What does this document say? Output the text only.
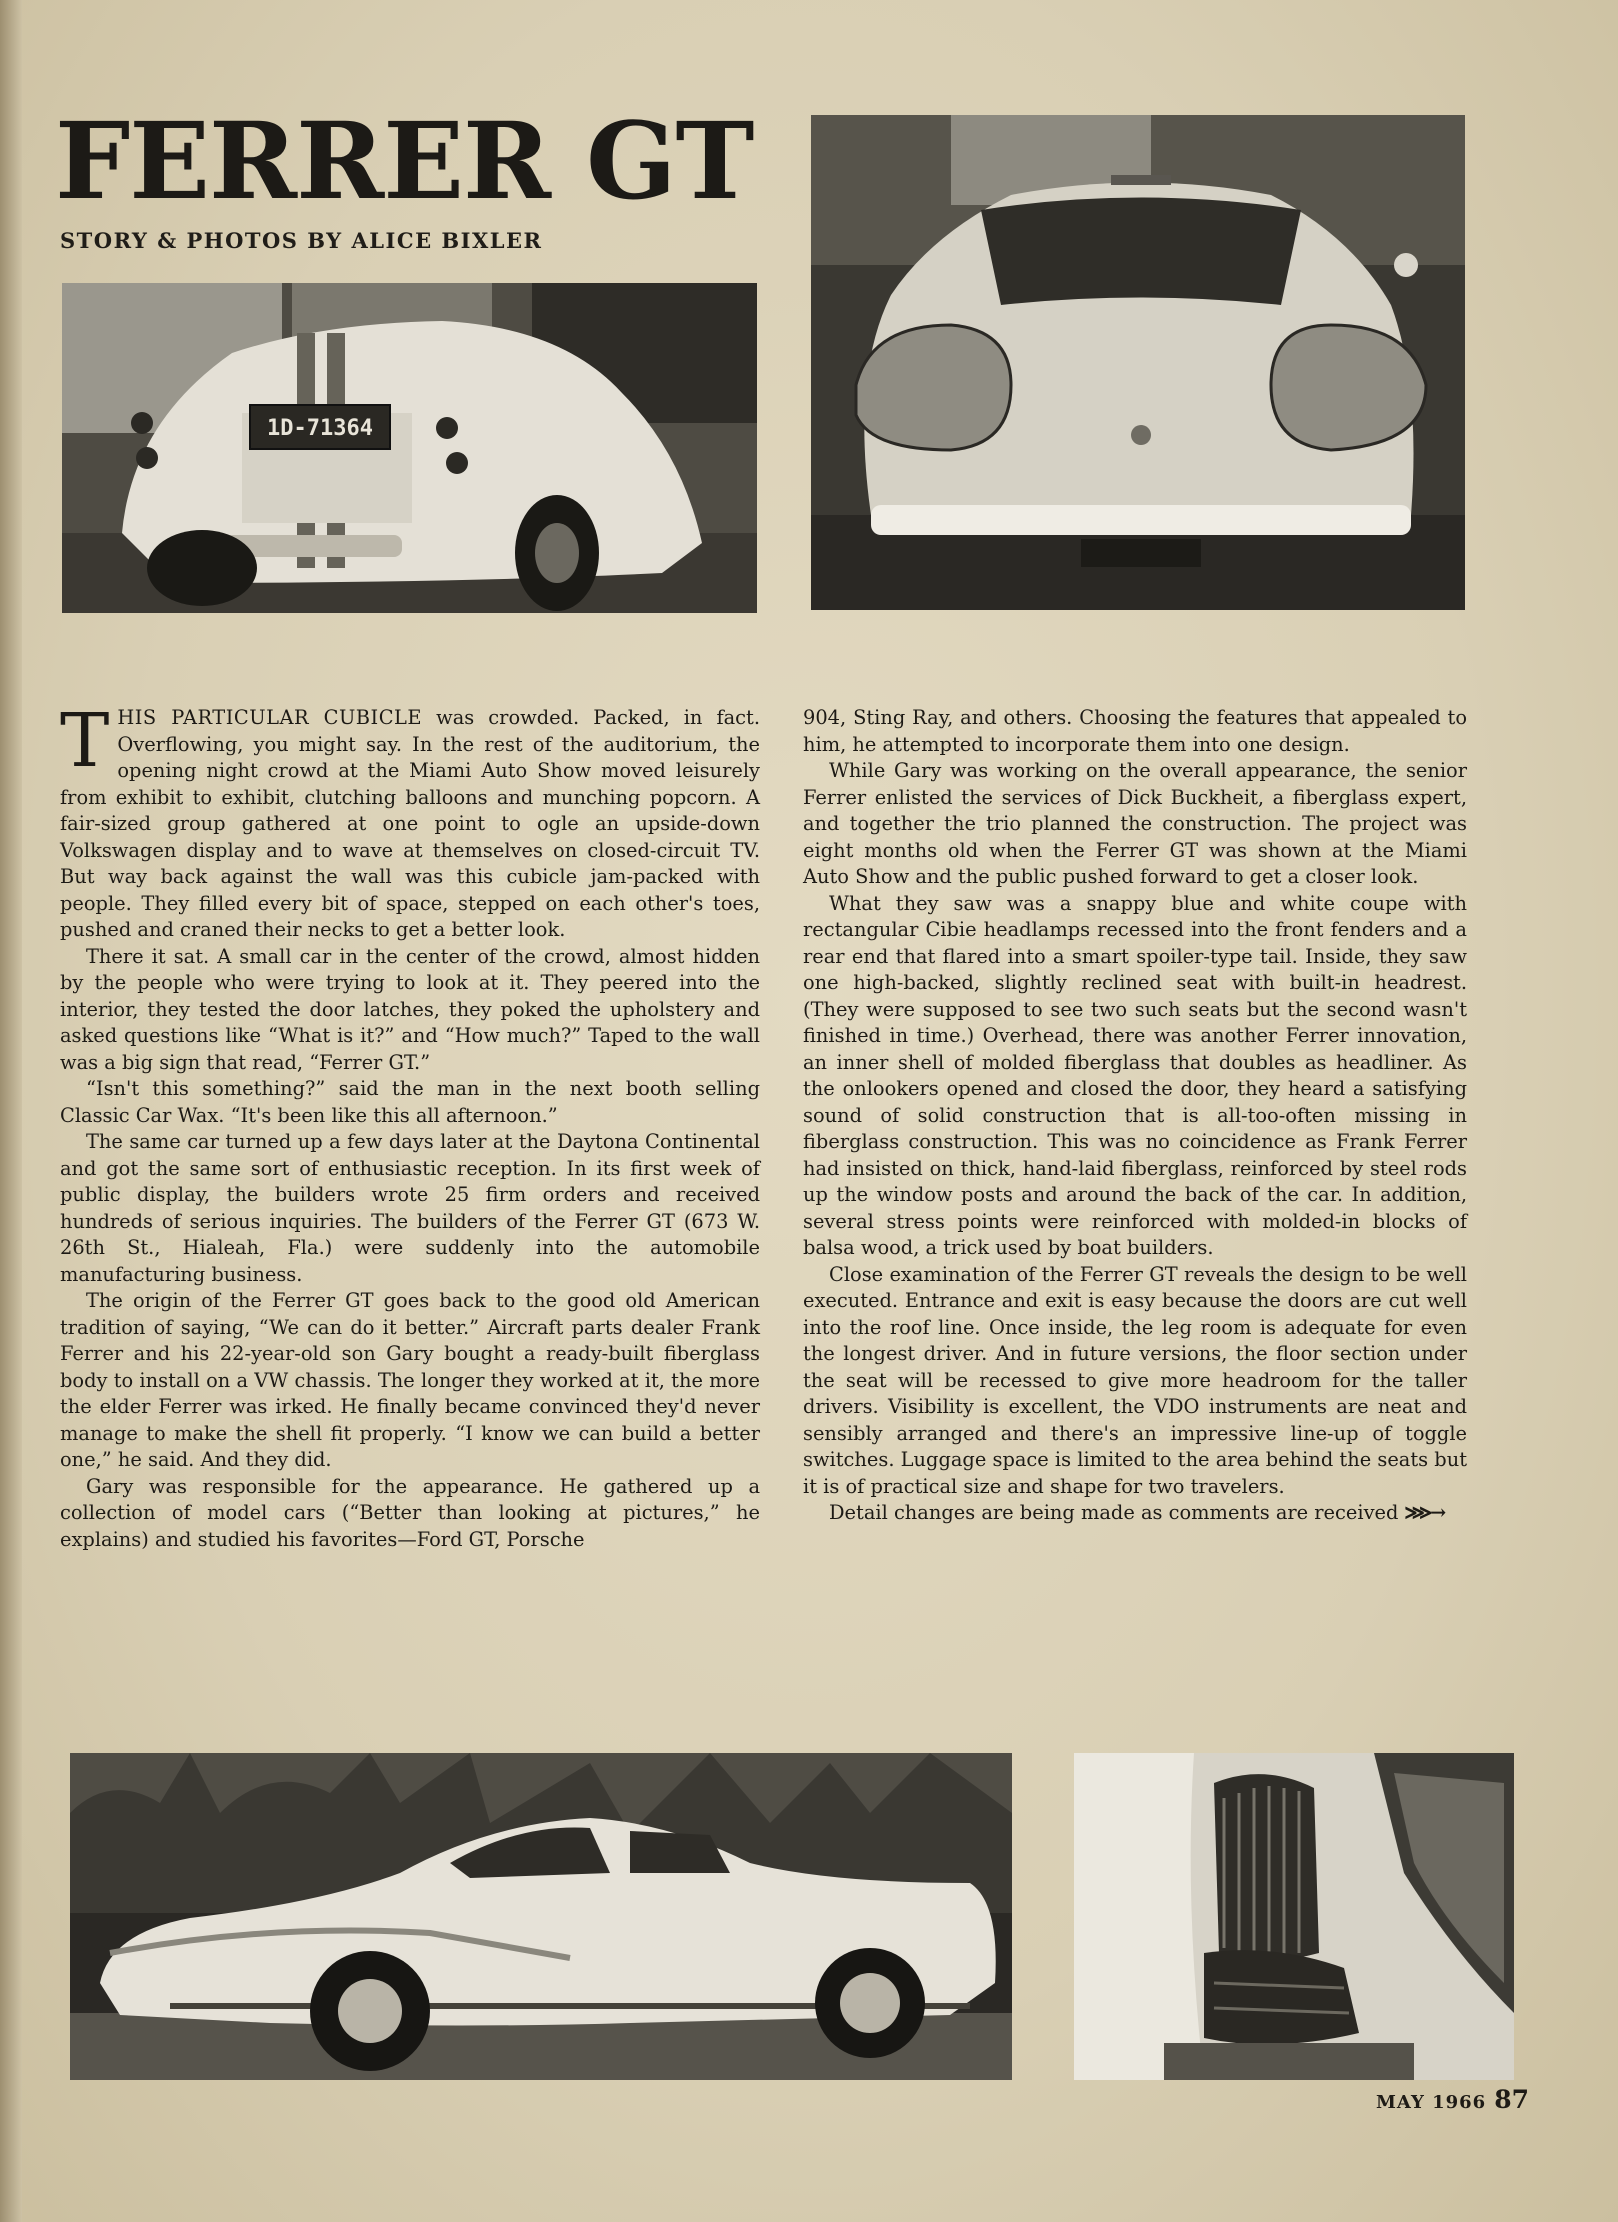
FERRER GT
STORY & PHOTOS BY ALICE BIXLER
1D-71364

THIS PARTICULAR CUBICLE was crowded. Packed, in fact. Overflowing, you might say. In the rest of the auditorium, the opening night crowd at the Miami Auto Show moved leisurely from exhibit to exhibit, clutching balloons and munching popcorn. A fair-sized group gathered at one point to ogle an upside-down Volkswagen display and to wave at themselves on closed-circuit TV. But way back against the wall was this cubicle jam-packed with people. They filled every bit of space, stepped on each other's toes, pushed and craned their necks to get a better look.

There it sat. A small car in the center of the crowd, almost hidden by the people who were trying to look at it. They peered into the interior, they tested the door latches, they poked the upholstery and asked questions like “What is it?” and “How much?” Taped to the wall was a big sign that read, “Ferrer GT.”

“Isn't this something?” said the man in the next booth selling Classic Car Wax. “It's been like this all afternoon.”

The same car turned up a few days later at the Daytona Continental and got the same sort of enthusiastic reception. In its first week of public display, the builders wrote 25 firm orders and received hundreds of serious inquiries. The builders of the Ferrer GT (673 W. 26th St., Hialeah, Fla.) were suddenly into the automobile manufacturing business.

The origin of the Ferrer GT goes back to the good old American tradition of saying, “We can do it better.” Aircraft parts dealer Frank Ferrer and his 22-year-old son Gary bought a ready-built fiberglass body to install on a VW chassis. The longer they worked at it, the more the elder Ferrer was irked. He finally became convinced they'd never manage to make the shell fit properly. “I know we can build a better one,” he said. And they did.

Gary was responsible for the appearance. He gathered up a collection of model cars (“Better than looking at pictures,” he explains) and studied his favorites—Ford GT, Porsche

904, Sting Ray, and others. Choosing the features that appealed to him, he attempted to incorporate them into one design.

While Gary was working on the overall appearance, the senior Ferrer enlisted the services of Dick Buckheit, a fiberglass expert, and together the trio planned the construction. The project was eight months old when the Ferrer GT was shown at the Miami Auto Show and the public pushed forward to get a closer look.

What they saw was a snappy blue and white coupe with rectangular Cibie headlamps recessed into the front fenders and a rear end that flared into a smart spoiler-type tail. Inside, they saw one high-backed, slightly reclined seat with built-in headrest. (They were supposed to see two such seats but the second wasn't finished in time.) Overhead, there was another Ferrer innovation, an inner shell of molded fiberglass that doubles as headliner. As the onlookers opened and closed the door, they heard a satisfying sound of solid construction that is all-too-often missing in fiberglass construction. This was no coincidence as Frank Ferrer had insisted on thick, hand-laid fiberglass, reinforced by steel rods up the window posts and around the back of the car. In addition, several stress points were reinforced with molded-in blocks of balsa wood, a trick used by boat builders.

Close examination of the Ferrer GT reveals the design to be well executed. Entrance and exit is easy because the doors are cut well into the roof line. Once inside, the leg room is adequate for even the longest driver. And in future versions, the floor section under the seat will be recessed to give more headroom for the taller drivers. Visibility is excellent, the VDO instruments are neat and sensibly arranged and there's an impressive line-up of toggle switches. Luggage space is limited to the area behind the seats but it is of practical size and shape for two travelers.

Detail changes are being made as comments are received ⋙→

MAY 1966 87
